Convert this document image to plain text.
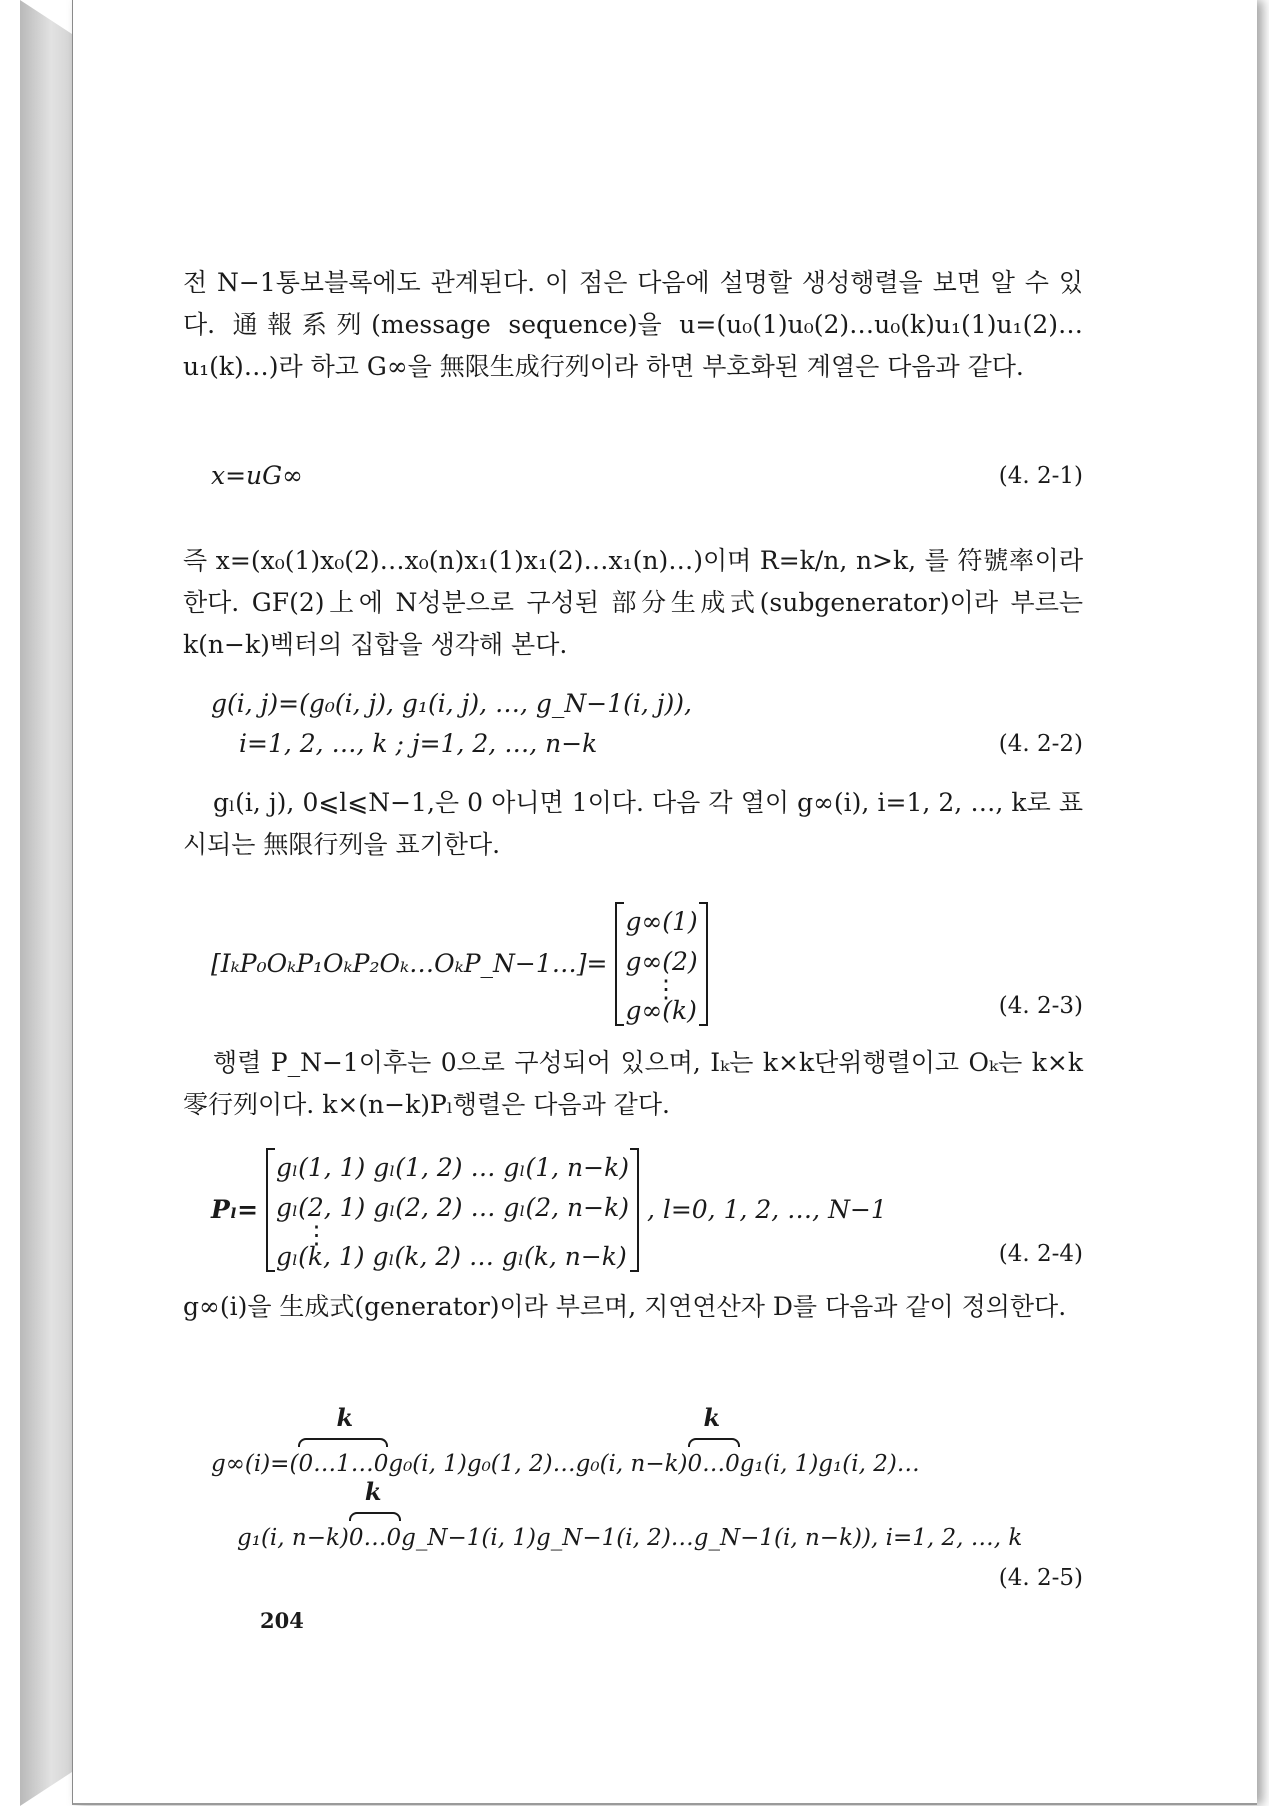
전 N−1통보블록에도 관계된다. 이 점은 다음에 설명할 생성행렬을 보면 알 수 있다. 通報系列(message sequence)을 u=(u₀(1)u₀(2)…u₀(k)u₁(1)u₁(2)…u₁(k)…)라 하고 G∞을 無限生成行列이라 하면 부호화된 계열은 다음과 같다.

x=uG∞	(4. 2-1)

즉 x=(x₀(1)x₀(2)…x₀(n)x₁(1)x₁(2)…x₁(n)…)이며 R=k/n, n>k, 를 符號率이라 한다. GF(2)上에 N성분으로 구성된 部分生成式(subgenerator)이라 부르는 k(n−k)벡터의 집합을 생각해 본다.

g(i, j)=(g₀(i, j), g₁(i, j), …, g_N−1(i, j)),
i=1, 2, …, k ; j=1, 2, …, n−k	(4. 2-2)

gₗ(i, j), 0⩽l⩽N−1,은 0 아니면 1이다. 다음 각 열이 g∞(i), i=1, 2, …, k로 표시되는 無限行列을 표기한다.

[IₖP₀OₖP₁OₖP₂Oₖ…OₖP_N−1…]=
g∞(1)
g∞(2)
⋮
g∞(k)	(4. 2-3)

행렬 P_N−1이후는 0으로 구성되어 있으며, Iₖ는 k×k단위행렬이고 Oₖ는 k×k零行列이다. k×(n−k)Pₗ행렬은 다음과 같다.

Pₗ=
gₗ(1, 1) gₗ(1, 2) … gₗ(1, n−k)
gₗ(2, 1) gₗ(2, 2) … gₗ(2, n−k)
⋮
gₗ(k, 1) gₗ(k, 2) … gₗ(k, n−k)
, l=0, 1, 2, …, N−1
(4. 2-4)

g∞(i)을 生成式(generator)이라 부르며, 지연연산자 D를 다음과 같이 정의한다.

g∞(i)=(0…1…0
k
g₀(i, 1)g₀(1, 2)…g₀(i, n−k)0…0
k
g₁(i, 1)g₁(i, 2)…
g₁(i, n−k)0…0
k
g_N−1(i, 1)g_N−1(i, 2)…g_N−1(i, n−k)), i=1, 2, …, k
(4. 2-5)
204
